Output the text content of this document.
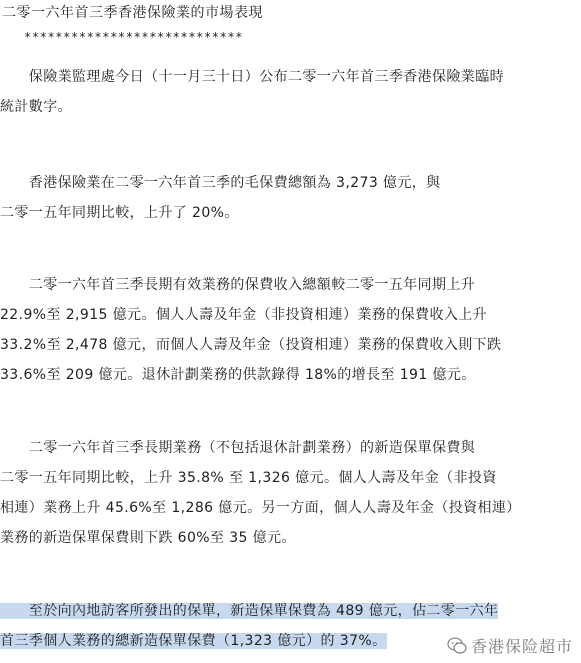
二零一六年首三季香港保險業的市場表現
****************************
　　保險業監理處今日（十一月三十日）公布二零一六年首三季香港保險業臨時
統計數字。
　　香港保險業在二零一六年首三季的毛保費總額為 3,273 億元，與
二零一五年同期比較，上升了 20%。
　　二零一六年首三季長期有效業務的保費收入總額較二零一五年同期上升
22.9%至 2,915 億元。個人人壽及年金（非投資相連）業務的保費收入上升
33.2%至 2,478 億元，而個人人壽及年金（投資相連）業務的保費收入則下跌
33.6%至 209 億元。退休計劃業務的供款錄得 18%的增長至 191 億元。
　　二零一六年首三季長期業務（不包括退休計劃業務）的新造保單保費與
二零一五年同期比較，上升 35.8% 至 1,326 億元。個人人壽及年金（非投資
相連）業務上升 45.6%至 1,286 億元。另一方面，個人人壽及年金（投資相連）
業務的新造保單保費則下跌 60%至 35 億元。
　　至於向內地訪客所發出的保單，新造保單保費為 489 億元，佔二零一六年
首三季個人業務的總新造保單保費（1,323 億元）的 37%。	香港保险超市
